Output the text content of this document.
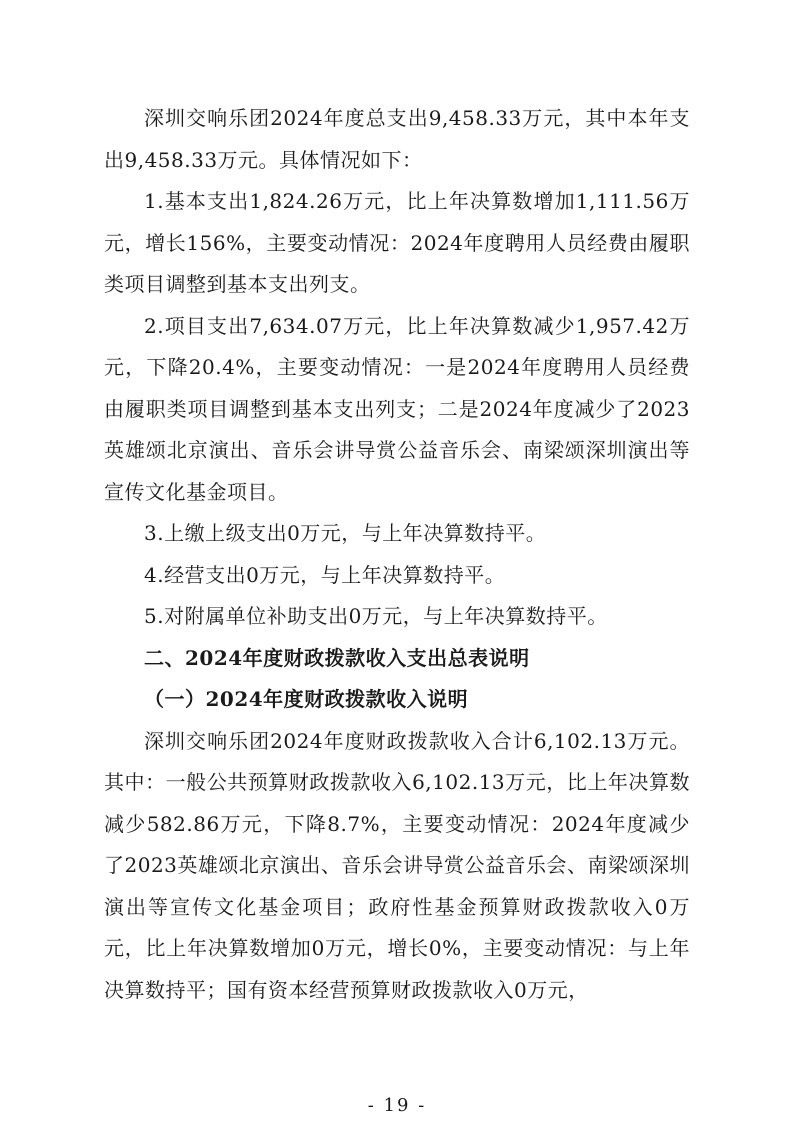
深圳交响乐团2024年度总支出9,458.33万元，其中本年支出9,458.33万元。具体情况如下：

1.基本支出1,824.26万元，比上年决算数增加1,111.56万元，增长156%，主要变动情况：2024年度聘用人员经费由履职类项目调整到基本支出列支。

2.项目支出7,634.07万元，比上年决算数减少1,957.42万元，下降20.4%，主要变动情况：一是2024年度聘用人员经费由履职类项目调整到基本支出列支；二是2024年度减少了2023英雄颂北京演出、音乐会讲导赏公益音乐会、南梁颂深圳演出等宣传文化基金项目。

3.上缴上级支出0万元，与上年决算数持平。

4.经营支出0万元，与上年决算数持平。

5.对附属单位补助支出0万元，与上年决算数持平。

二、2024年度财政拨款收入支出总表说明

（一）2024年度财政拨款收入说明

深圳交响乐团2024年度财政拨款收入合计6,102.13万元。其中：一般公共预算财政拨款收入6,102.13万元，比上年决算数减少582.86万元，下降8.7%，主要变动情况：2024年度减少了2023英雄颂北京演出、音乐会讲导赏公益音乐会、南梁颂深圳演出等宣传文化基金项目；政府性基金预算财政拨款收入0万元，比上年决算数增加0万元，增长0%，主要变动情况：与上年决算数持平；国有资本经营预算财政拨款收入0万元，

- 19 -
